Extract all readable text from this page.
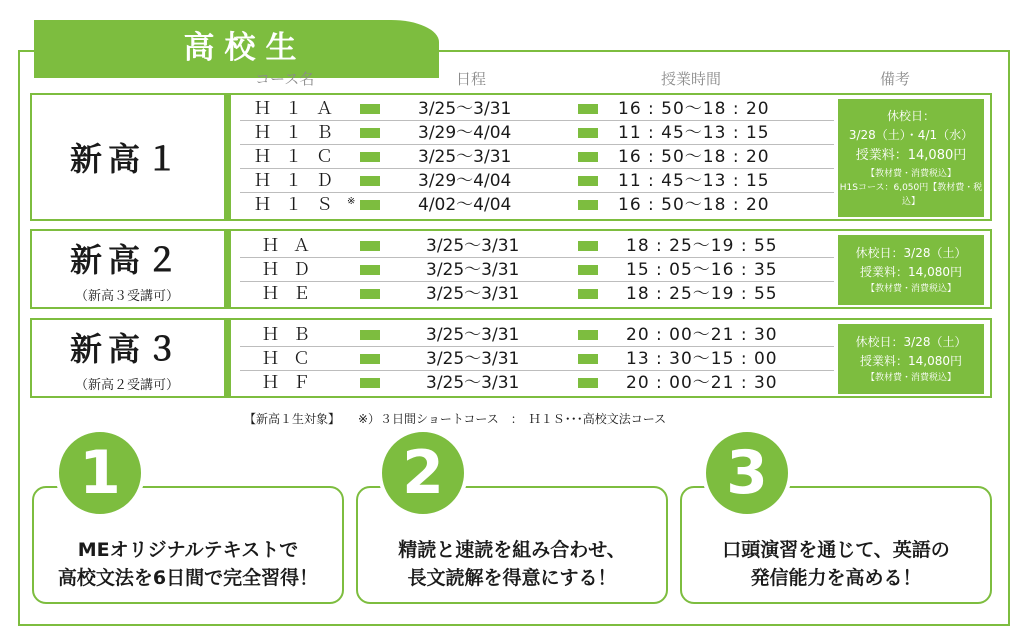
高校生
コース名	日程	授業時間	備考
新高１
Ｈ１Ａ	3/25〜3/31	16 : 50〜18 : 20
Ｈ１Ｂ	3/29〜4/04	11 : 45〜13 : 15
Ｈ１Ｃ	3/25〜3/31	16 : 50〜18 : 20
Ｈ１Ｄ	3/29〜4/04	11 : 45〜13 : 15
Ｈ１Ｓ※	4/02〜4/04	16 : 50〜18 : 20
休校日：
3/28（土）・4/1（水）
授業料：14,080円
【教材費・消費税込】
H1Sコース：6,050円【教材費・税込】
新高２
（新高３受講可）
ＨＡ	3/25〜3/31	18 : 25〜19 : 55
ＨＤ	3/25〜3/31	15 : 05〜16 : 35
ＨＥ	3/25〜3/31	18 : 25〜19 : 55
休校日：3/28（土）
授業料：14,080円
【教材費・消費税込】
新高３
（新高２受講可）
ＨＢ	3/25〜3/31	20 : 00〜21 : 30
ＨＣ	3/25〜3/31	13 : 30〜15 : 00
ＨＦ	3/25〜3/31	20 : 00〜21 : 30
休校日：3/28（土）
授業料：14,080円
【教材費・消費税込】
【新高１生対象】　　※）３日間ショートコース　：　Ｈ１Ｓ･･･高校文法コース
MEオリジナルテキストで
高校文法を6日間で完全習得！
1
精読と速読を組み合わせ、
長文読解を得意にする！
2
口頭演習を通じて、英語の
発信能力を高める！
3
